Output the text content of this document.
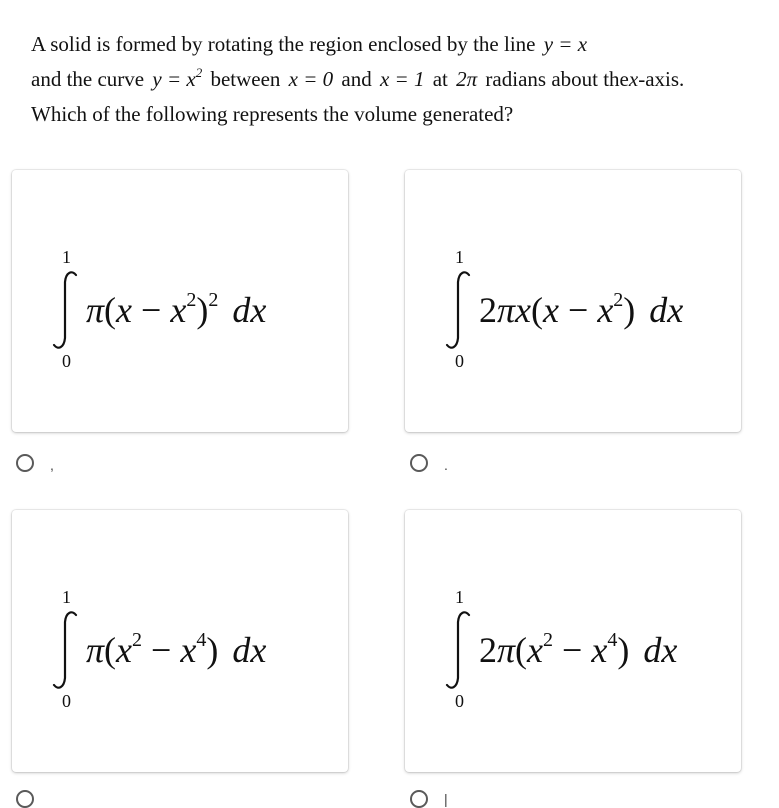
A solid is formed by rotating the region enclosed by the line y = x
and the curve $y = x^2$ between x = 0 and x = 1 at 2π radians about thex-axis.
Which of the following represents the volume generated?
1
0
$\pi(x - x^2)^2$ dx
,
1
0
$2\pi x(x - x^2)$ dx
.
1
0
$\pi(x^2 - x^4)$ dx
1
0
$2\pi(x^2 - x^4)$ dx
|
